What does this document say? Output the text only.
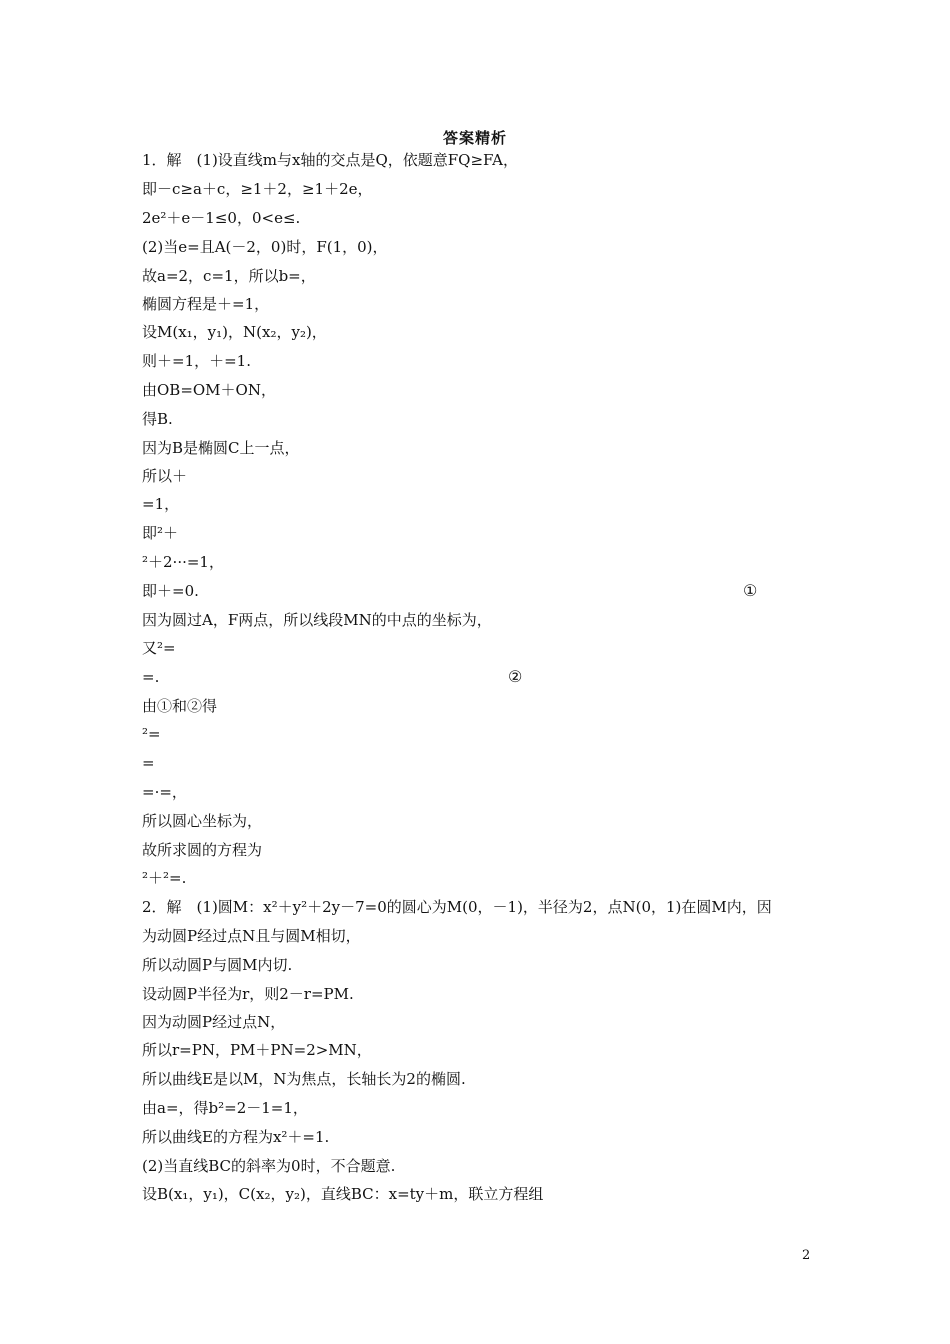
答案精析
1．解　(1)设直线m与x轴的交点是Q，依题意FQ≥FA，
即－c≥a＋c，≥1＋2，≥1＋2e，
2e²＋e－1≤0，0<e≤.
(2)当e=且A(－2，0)时，F(1，0)，
故a=2，c=1，所以b=，
椭圆方程是＋=1，
设M(x₁，y₁)，N(x₂，y₂)，
则＋=1，＋=1.
由OB=OM＋ON，
得B.
因为B是椭圆C上一点，
所以＋
=1，
即²＋
²＋2···=1，
即＋=0.
因为圆过A，F两点，所以线段MN的中点的坐标为，
又²=
=.
由①和②得
²=
=
=·=，
所以圆心坐标为，
故所求圆的方程为
²＋²=.
2．解　(1)圆M：x²＋y²＋2y－7=0的圆心为M(0，－1)，半径为2，点N(0，1)在圆M内，因
为动圆P经过点N且与圆M相切，
所以动圆P与圆M内切.
设动圆P半径为r，则2－r=PM.
因为动圆P经过点N，
所以r=PN，PM＋PN=2>MN，
所以曲线E是以M，N为焦点，长轴长为2的椭圆.
由a=，得b²=2－1=1，
所以曲线E的方程为x²＋=1.
(2)当直线BC的斜率为0时，不合题意.
设B(x₁，y₁)，C(x₂，y₂)，直线BC：x=ty＋m，联立方程组
①
②
2
